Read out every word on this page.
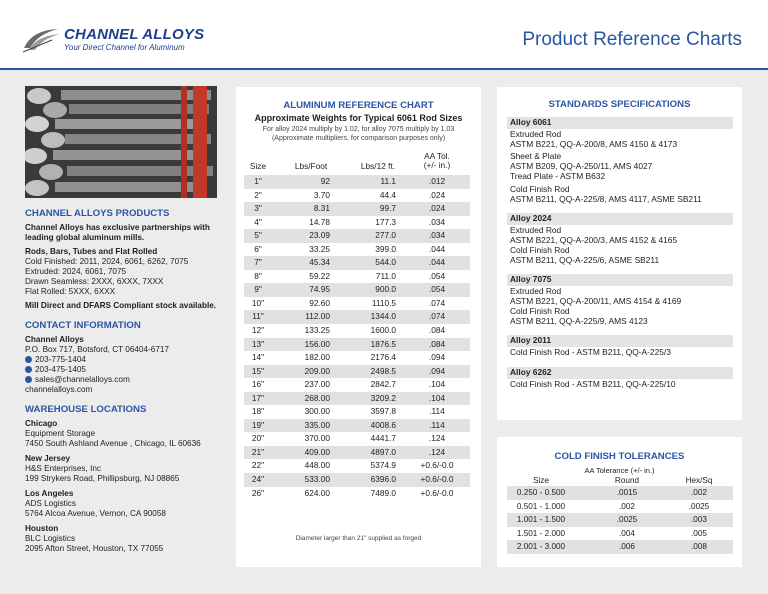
CHANNEL ALLOYS
Your Direct Channel for Aluminum	Product Reference Charts
CHANNEL ALLOYS PRODUCTS

Channel Alloys has exclusive partnerships with leading global aluminum mills.

Rods, Bars, Tubes and Flat Rolled
Cold Finished: 2011, 2024, 6061, 6262, 7075
Extruded: 2024, 6061, 7075
Drawn Seamless: 2XXX, 6XXX, 7XXX
Flat Rolled: 5XXX, 6XXX

Mill Direct and DFARS Compliant stock available.

CONTACT INFORMATION
Channel Alloys
P.O. Box 717, Botsford, CT 06404-6717
203-775-1404
203-475-1405
sales@channelalloys.com
channelalloys.com
WAREHOUSE LOCATIONS
Chicago
Equipment Storage
7450 South Ashland Avenue , Chicago, IL 60636
New Jersey
H&S Enterprises, Inc
199 Strykers Road, Phillipsburg, NJ 08865
Los Angeles
ADS Logistics
5764 Alcoa Avenue, Vernon, CA 90058
Houston
BLC Logistics
2095 Afton Street, Houston, TX 77055
ALUMINUM REFERENCE CHART
Approximate Weights for Typical 6061 Rod Sizes
For alloy 2024 multiply by 1.02, for alloy 7075 multiply by 1.03
(Approximate multipliers, for comparison purposes only)
Size	Lbs/Foot	Lbs/12 ft.
AA Tol.
(+/- in.)
1"	92	11.1	.012
2"	3.70	44.4	.024
3"	8.31	99.7	.024
4"	14.78	177.3	.034
5"	23.09	277.0	.034
6"	33.25	399.0	.044
7"	45.34	544.0	.044
8"	59.22	711.0	.054
9"	74.95	900.0	.054
10"	92.60	1110.5	.074
11"	112.00	1344.0	.074
12"	133.25	1600.0	.084
13"	156.00	1876.5	.084
14"	182.00	2176.4	.094
15"	209.00	2498.5	.094
16"	237.00	2842.7	.104
17"	268.00	3209.2	.104
18"	300.00	3597.8	.114
19"	335.00	4008.6	.114
20"	370.00	4441.7	.124
21"	409.00	4897.0	.124
22"	448.00	5374.9	+0.6/-0.0
24"	533.00	6396.0	+0.6/-0.0
26"	624.00	7489.0	+0.6/-0.0
Diameter larger than 21" supplied as forged
STANDARDS SPECIFICATIONS
Alloy 6061
Extruded Rod
ASTM B221, QQ-A-200/8, AMS 4150 & 4173
Sheet & Plate
ASTM B209, QQ-A-250/11, AMS 4027
Tread Plate - ASTM B632
Cold Finish Rod
ASTM B211, QQ-A-225/8, AMS 4117, ASME SB211
Alloy 2024
Extruded Rod
ASTM B221, QQ-A-200/3, AMS 4152 & 4165
Cold Finish Rod
ASTM B211, QQ-A-225/6, ASME SB211
Alloy 7075
Extruded Rod
ASTM B221, QQ-A-200/11, AMS 4154 & 4169
Cold Finish Rod
ASTM B211, QQ-A-225/9, AMS 4123
Alloy 2011
Cold Finish Rod - ASTM B211, QQ-A-225/3
Alloy 6262
Cold Finish Rod - ASTM B211, QQ-A-225/10
COLD FINISH TOLERANCES
AA Tolerance (+/- in.)
Size	Round	Hex/Sq
0.250 - 0.500	.0015	.002
0.501 - 1.000	.002	.0025
1.001 - 1.500	.0025	.003
1.501 - 2.000	.004	.005
2.001 - 3.000	.006	.008
